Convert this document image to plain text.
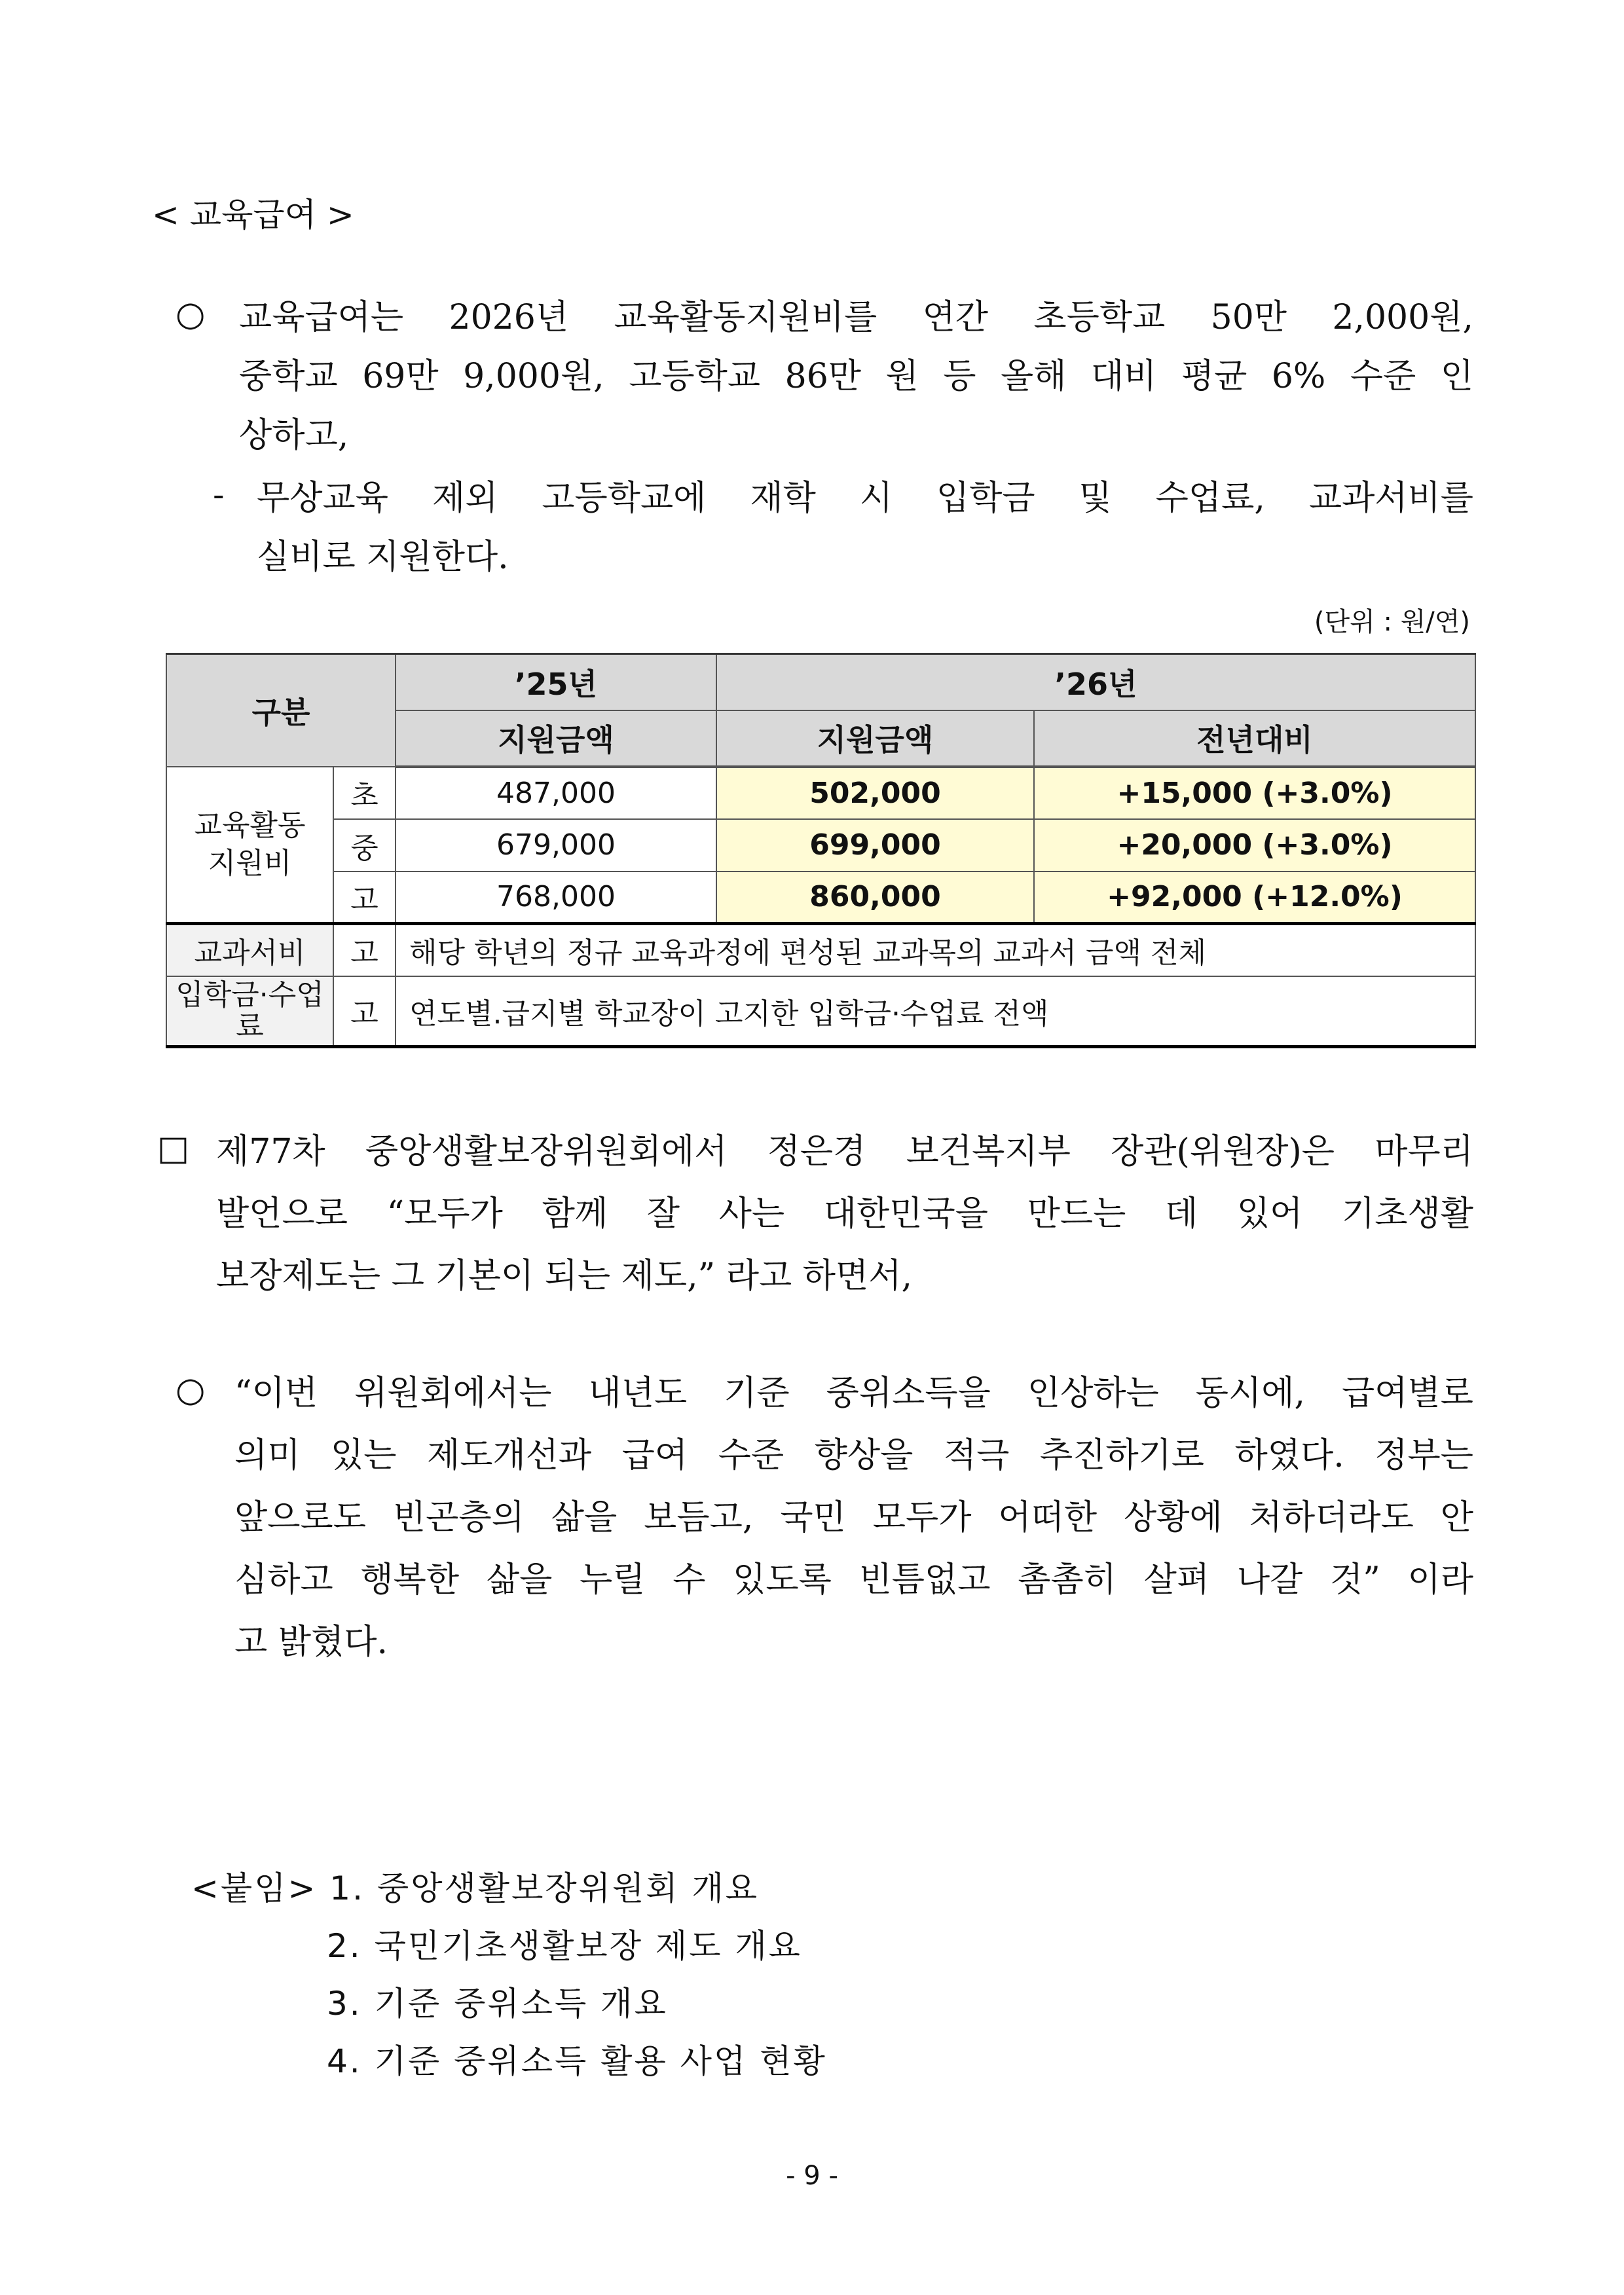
< 교육급여 >
○ 교육급여는 2026년 교육활동지원비를 연간 초등학교 50만 2,000원,
중학교 69만 9,000원, 고등학교 86만 원 등 올해 대비 평균 6% 수준 인
상하고,
- 무상교육 제외 고등학교에 재학 시 입학금 및 수업료, 교과서비를
실비로 지원한다.
(단위 : 원/연)
구분		’25년	’26년	
		지원금액	지원금액	전년대비

교육활동
지원비	초	487,000	502,000	+15,000 (+3.0%)
	중	679,000	699,000	+20,000 (+3.0%)
	고	768,000	860,000	+92,000 (+12.0%)
교과서비	고	해당 학년의 정규 교육과정에 편성된 교과목의 교과서 금액 전체		

입학금·수업
료	고	연도별.급지별 학교장이 고지한 입학금·수업료 전액		
□ 제77차 중앙생활보장위원회에서 정은경 보건복지부 장관(위원장)은 마무리
발언으로 “모두가 함께 잘 사는 대한민국을 만드는 데 있어 기초생활
보장제도는 그 기본이 되는 제도,” 라고 하면서,
○ “이번 위원회에서는 내년도 기준 중위소득을 인상하는 동시에, 급여별로
의미 있는 제도개선과 급여 수준 향상을 적극 추진하기로 하였다. 정부는
앞으로도 빈곤층의 삶을 보듬고, 국민 모두가 어떠한 상황에 처하더라도 안
심하고 행복한 삶을 누릴 수 있도록 빈틈없고 촘촘히 살펴 나갈 것” 이라
고 밝혔다.
<붙임> 1. 중앙생활보장위원회 개요
2. 국민기초생활보장 제도 개요
3. 기준 중위소득 개요
4. 기준 중위소득 활용 사업 현황
- 9 -
